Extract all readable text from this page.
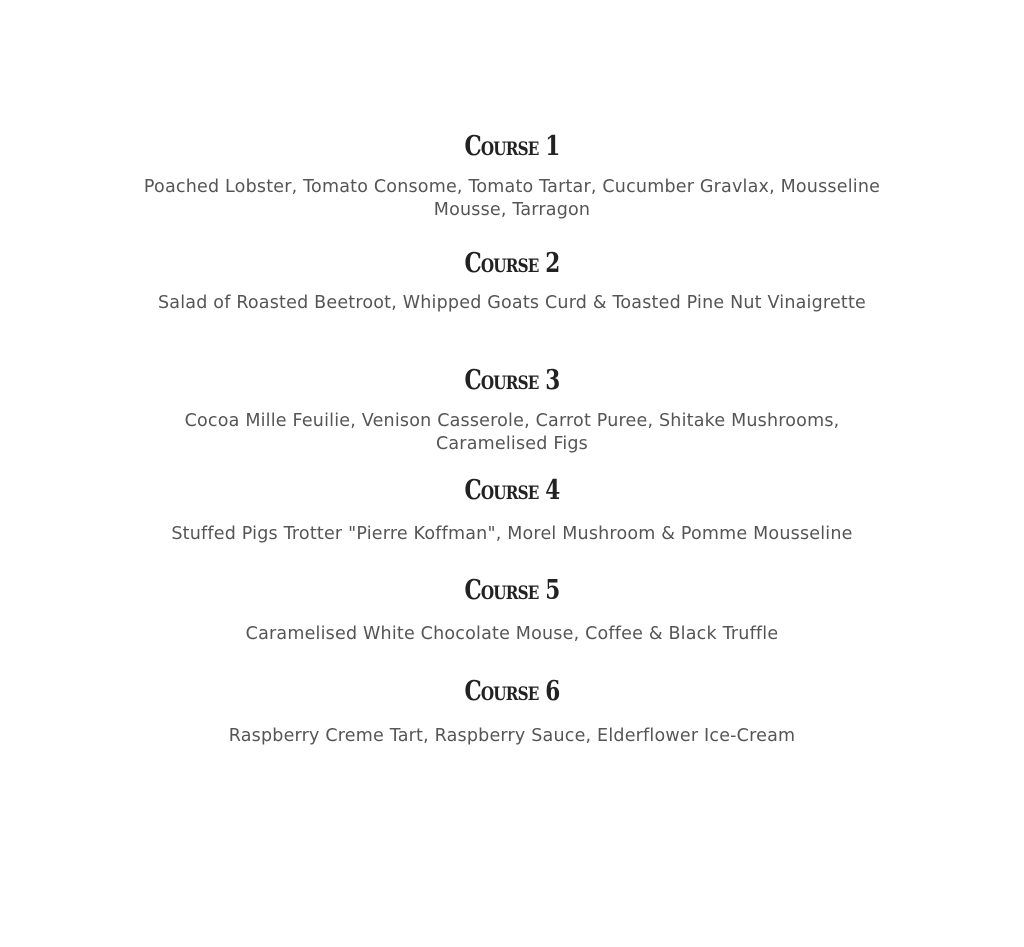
Course 1

Poached Lobster, Tomato Consome, Tomato Tartar, Cucumber Gravlax, Mousseline Mousse, Tarragon

Course 2

Salad of Roasted Beetroot, Whipped Goats Curd & Toasted Pine Nut Vinaigrette

Course 3

Cocoa Mille Feuilie, Venison Casserole, Carrot Puree, Shitake Mushrooms, Caramelised Figs

Course 4

Stuffed Pigs Trotter "Pierre Koffman", Morel Mushroom & Pomme Mousseline

Course 5

Caramelised White Chocolate Mouse, Coffee & Black Truffle

Course 6

Raspberry Creme Tart, Raspberry Sauce, Elderflower Ice-Cream
